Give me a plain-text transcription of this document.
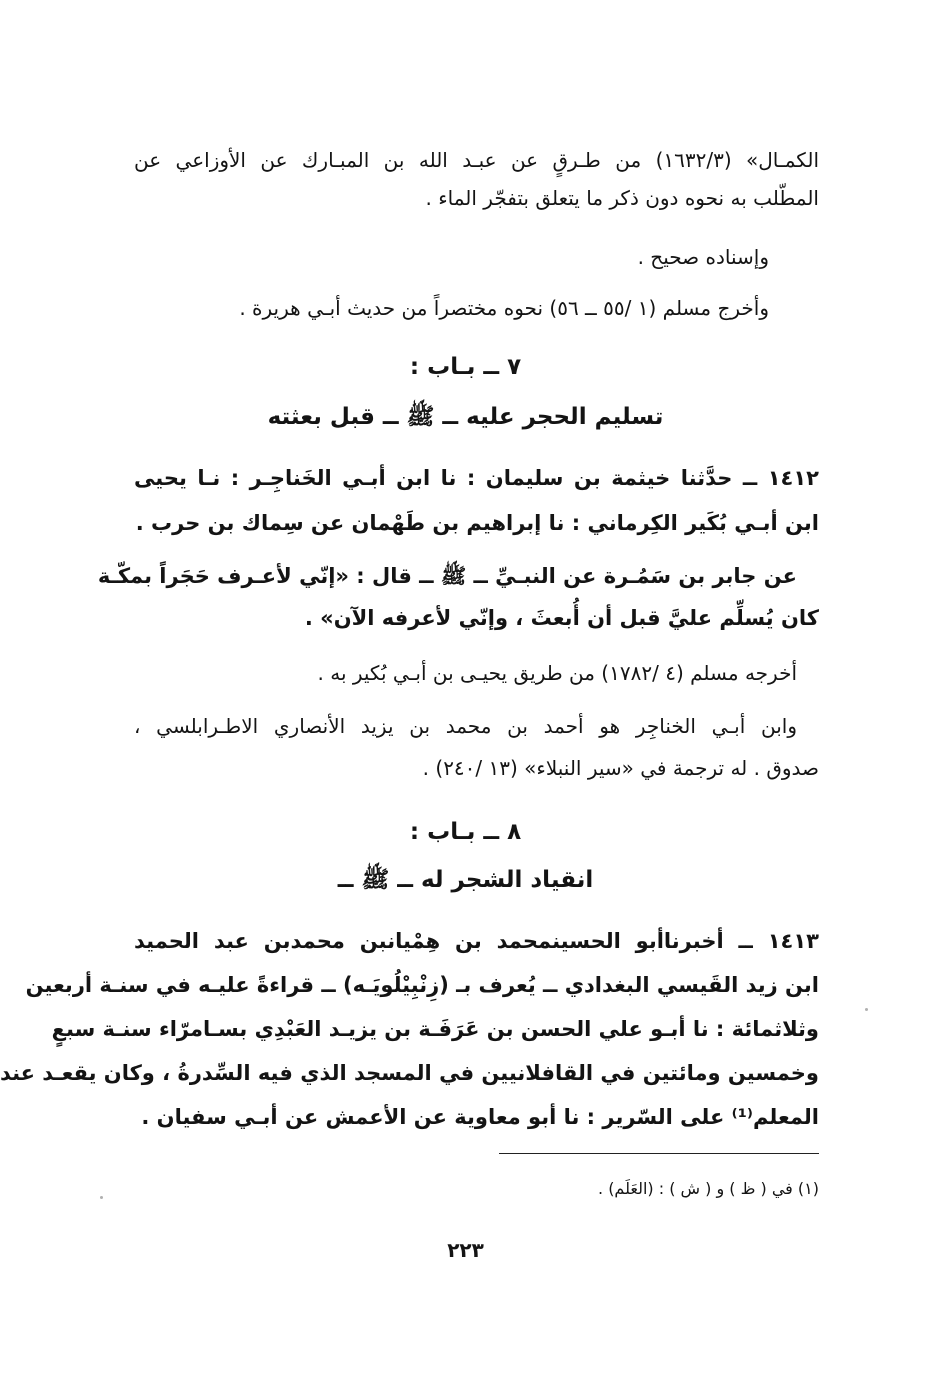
الكمـال» (١٦٣٢/٣) من طـرقٍ عن عبـد الله بن المبـارك عن الأوزاعي عن
المطّلب به نحوه دون ذكر ما يتعلق بتفجّر الماء .
وإسناده صحيح .
وأخرج مسلم (١ /٥٥ ــ ٥٦) نحوه مختصراً من حديث أبـي هريرة .
٧ ــ بـاب :
تسليم الحجر عليه ــ ﷺ ــ قبل بعثته
١٤١٢ ــ حدَّثنا خيثمة بن سليمان : نا ابن أبـي الخَناجِـر : نـا يحيى
ابن أبـي بُكَير الكِرماني : نا إبراهيم بن طَهْمان عن سِماك بن حرب .
عن جابر بن سَمُـرة عن النبـيِّ ــ ﷺ ــ قال : «إنّي لأعـرف حَجَراً بمكّـة
كان يُسلِّم عليَّ قبل أن أُبعثَ ، وإنّي لأعرفه الآن» .
أخرجه مسلم (٤ /١٧٨٢) من طريق يحيـى بن أبـي بُكير به .
وابن أبـي الخناجِر هو أحمد بن محمد بن يزيد الأنصاري الاطـرابلسي ،
صدوق . له ترجمة في «سير النبلاء» (١٣ /٢٤٠) .
٨ ــ بـاب :
انقياد الشجر له ــ ﷺ ــ
١٤١٣ ــ أخبرناأبو الحسينمحمد بن هِمْيانبن محمدبن عبد الحميد
ابن زيد القَيسي البغدادي ــ يُعرف بـ (زِنْبِيْلُويَـه) ــ قراءةً عليـه في سنـة أربعين
وثلاثمائة : نا أبـو علي الحسن بن عَرَفَـة بن يزيـد العَبْدِي بسـامرّاء سنـة سبعٍ
وخمسين ومائتين في القافلانيين في المسجد الذي فيه السِّدرةُ ، وكان يقعـد عند
المعلم⁽¹⁾ على السّرير : نا أبو معاوية عن الأعمش عن أبـي سفيان .
(١) في ( ظ ) و ( ش ) : (العَلَم) .
٢٢٣
